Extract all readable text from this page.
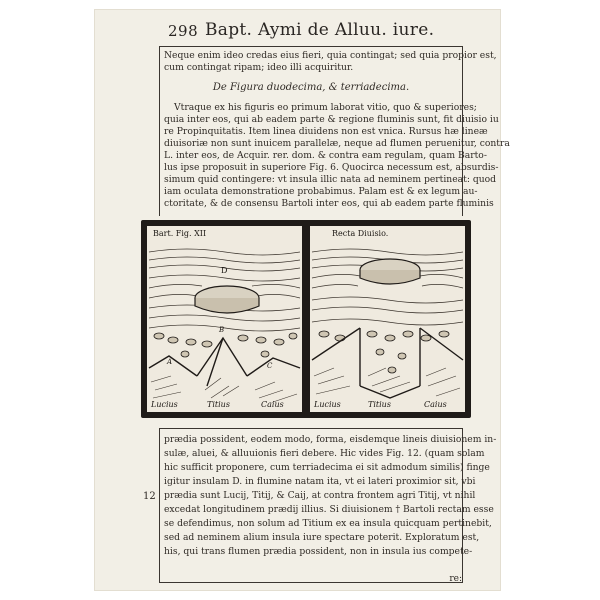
298 Bapt. Aymi de Alluu. iure.
Neque enim ideo credas eius fieri, quia contingat; sed quia propior est,
cum contingat ripam; ideo illi acquiritur.
De Figura duodecima, & terriadecima.
Vtraque ex his figuris eo primum laborat vitio, quo & superiores;
quia inter eos, qui ab eadem parte & regione fluminis sunt, fit diuisio iu
re Propinquitatis. Item linea diuidens non est vnica. Rursus hæ lineæ
diuisoriæ non sunt inuicem parallelæ, neque ad flumen peruenitur, contra
L. inter eos, de Acquir. rer. dom. & contra eam regulam, quam Barto-
lus ipse proposuit in superiore Fig. 6. Quocirca necessum est, absurdis-
simum quid contingere: vt insula illic nata ad neminem pertineat: quod
iam oculata demonstratione probabimus. Palam est & ex legum au-
ctoritate, & de consensu Bartoli inter eos, qui ab eadem parte fluminis
Bart. Fig. XII
D
A
B
C
Lucius	Titius	Caius
Recta Diuisio.
Lucius	Titius	Caius
12
prædia possident, eodem modo, forma, eisdemque lineis diuisionem in-
sulæ, aluei, & alluuionis fieri debere. Hic vides Fig. 12. (quam solam
hic sufficit proponere, cum terriadecima ei sit admodum similis) finge
igitur insulam D. in flumine natam ita, vt ei lateri proximior sit, vbi
prædia sunt Lucij, Titij, & Caij, at contra frontem agri Titij, vt nihil
excedat longitudinem prædij illius. Si diuisionem † Bartoli rectam esse
se defendimus, non solum ad Titium ex ea insula quicquam pertinebit,
sed ad neminem alium insula iure spectare poterit. Exploratum est,
his, qui trans flumen prædia possident, non in insula ius compete-
re:
